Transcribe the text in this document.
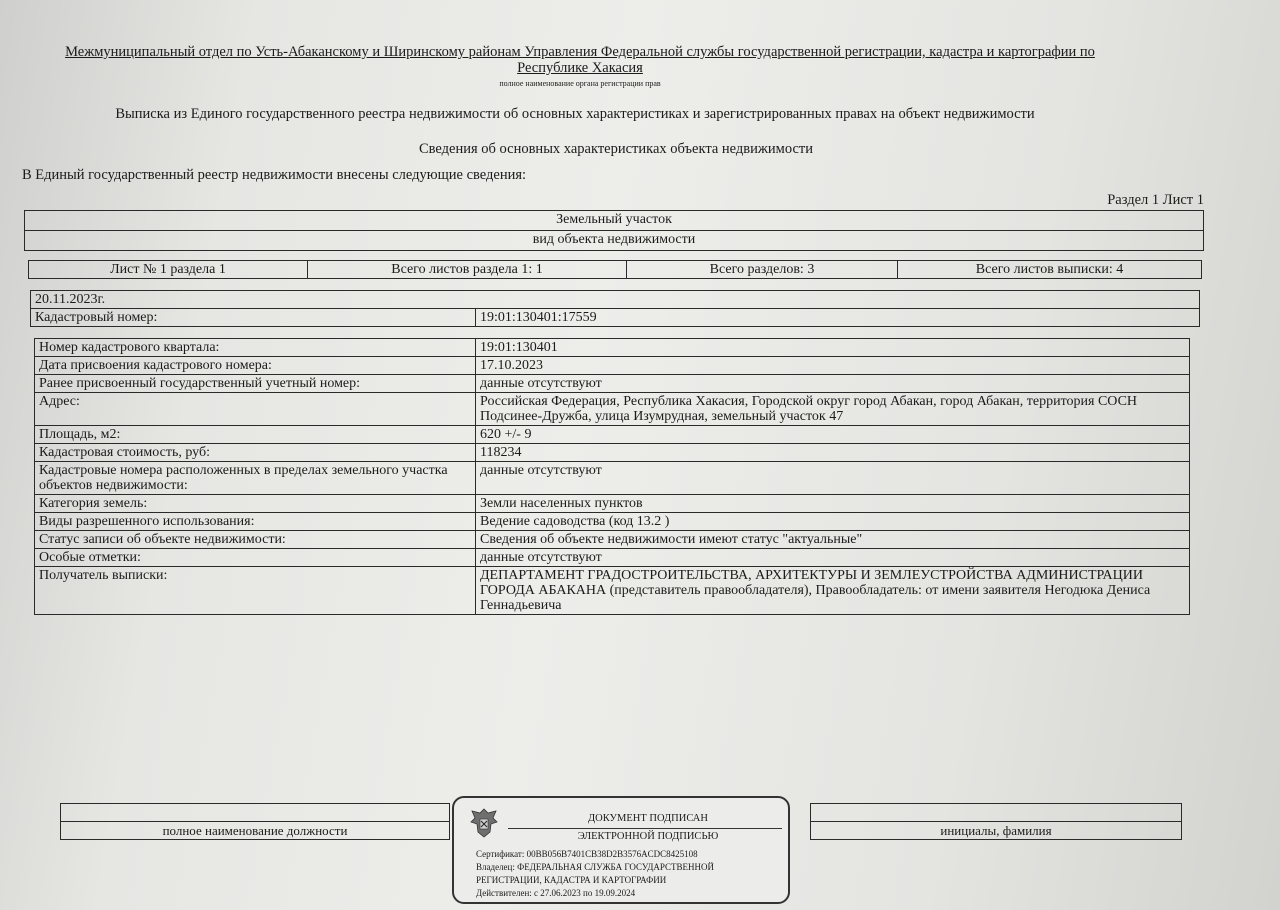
Межмуниципальный отдел по Усть-Абаканскому и Ширинскому районам Управления Федеральной службы государственной регистрации, кадастра и картографии по Республике Хакасия
полное наименование органа регистрации прав
Выписка из Единого государственного реестра недвижимости об основных характеристиках и зарегистрированных правах на объект недвижимости
Сведения об основных характеристиках объекта недвижимости
В Единый государственный реестр недвижимости внесены следующие сведения:
Раздел 1 Лист 1
Земельный участок
вид объекта недвижимости
Лист № 1 раздела 1	Всего листов раздела 1: 1	Всего разделов: 3	Всего листов выписки: 4
20.11.2023г.
Кадастровый номер:	19:01:130401:17559
Номер кадастрового квартала:	19:01:130401
Дата присвоения кадастрового номера:	17.10.2023
Ранее присвоенный государственный учетный номер:	данные отсутствуют
Адрес:	Российская Федерация, Республика Хакасия, Городской округ город Абакан, город Абакан, территория СОСН Подсинее-Дружба, улица Изумрудная, земельный участок 47
Площадь, м2:	620 +/- 9
Кадастровая стоимость, руб:	118234
Кадастровые номера расположенных в пределах земельного участка объектов недвижимости:	данные отсутствуют
Категория земель:	Земли населенных пунктов
Виды разрешенного использования:	Ведение садоводства (код 13.2 )
Статус записи об объекте недвижимости:	Сведения об объекте недвижимости имеют статус "актуальные"
Особые отметки:	данные отсутствуют
Получатель выписки:	ДЕПАРТАМЕНТ ГРАДОСТРОИТЕЛЬСТВА, АРХИТЕКТУРЫ И ЗЕМЛЕУСТРОЙСТВА АДМИНИСТРАЦИИ ГОРОДА АБАКАНА (представитель правообладателя), Правообладатель: от имени заявителя Негодюка Дениса Геннадьевича

полное наименование должности		инициалы, фамилия
ДОКУМЕНТ ПОДПИСАН
ЭЛЕКТРОННОЙ ПОДПИСЬЮ
Сертификат: 00BB056B7401CB38D2B3576ACDC8425108
Владелец: ФЕДЕРАЛЬНАЯ СЛУЖБА ГОСУДАРСТВЕННОЙ
РЕГИСТРАЦИИ, КАДАСТРА И КАРТОГРАФИИ
Действителен: с 27.06.2023 по 19.09.2024
